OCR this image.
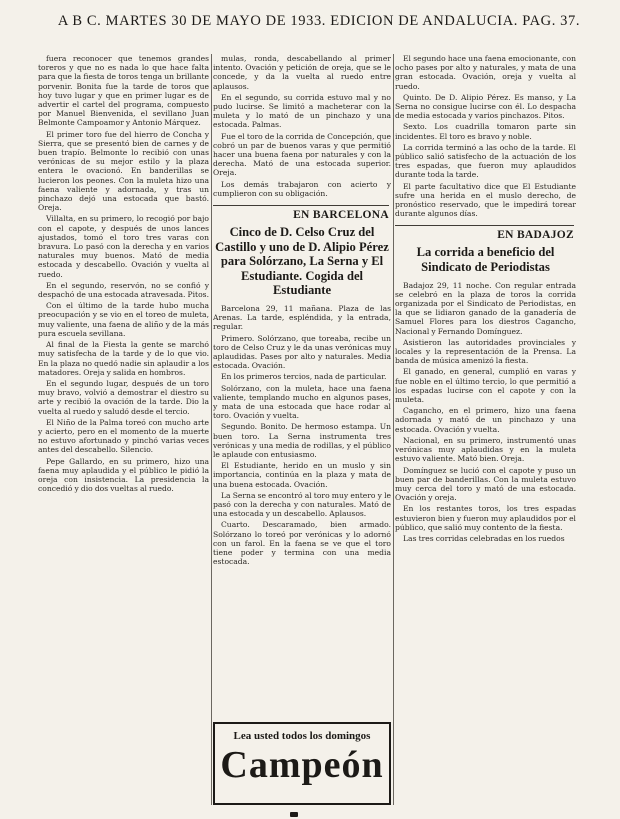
A B C. MARTES 30 DE MAYO DE 1933. EDICION DE ANDALUCIA. PAG. 37.

fuera reconocer que tenemos grandes toreros y que no es nada lo que hace falta para que la fiesta de toros tenga un brillante porvenir. Bonita fue la tarde de toros que hoy tuvo lugar y que en primer lugar es de advertir el cartel del programa, compuesto por Manuel Bienvenida, el sevillano Juan Belmonte Campoamor y Antonio Márquez.

El primer toro fue del hierro de Concha y Sierra, que se presentó bien de carnes y de buen trapío. Belmonte lo recibió con unas verónicas de su mejor estilo y la plaza entera le ovacionó. En banderillas se lucieron los peones. Con la muleta hizo una faena valiente y adornada, y tras un pinchazo dejó una estocada que bastó. Oreja.

Villalta, en su primero, lo recogió por bajo con el capote, y después de unos lances ajustados, tomó el toro tres varas con bravura. Lo pasó con la derecha y en varios naturales muy buenos. Mató de media estocada y descabello. Ovación y vuelta al ruedo.

En el segundo, reservón, no se confió y despachó de una estocada atravesada. Pitos.

Con el último de la tarde hubo mucha preocupación y se vio en el toreo de muleta, muy valiente, una faena de aliño y de la más pura escuela sevillana.

Al final de la Fiesta la gente se marchó muy satisfecha de la tarde y de lo que vio. En la plaza no quedó nadie sin aplaudir a los matadores. Oreja y salida en hombros.

En el segundo lugar, después de un toro muy bravo, volvió a demostrar el diestro su arte y recibió la ovación de la tarde. Dio la vuelta al ruedo y saludó desde el tercio.

El Niño de la Palma toreó con mucho arte y acierto, pero en el momento de la muerte no estuvo afortunado y pinchó varias veces antes del descabello. Silencio.

Pepe Gallardo, en su primero, hizo una faena muy aplaudida y el público le pidió la oreja con insistencia. La presidencia la concedió y dio dos vueltas al ruedo.

mulas, ronda, descabellando al primer intento. Ovación y petición de oreja, que se le concede, y da la vuelta al ruedo entre aplausos.

En el segundo, su corrida estuvo mal y no pudo lucirse. Se limitó a macheterar con la muleta y lo mató de un pinchazo y una estocada. Palmas.

Fue el toro de la corrida de Concepción, que cobró un par de buenos varas y que permitió hacer una buena faena por naturales y con la derecha. Mató de una estocada superior. Oreja.

Los demás trabajaron con acierto y cumplieron con su obligación.

EN BARCELONA
Cinco de D. Celso Cruz del Castillo y uno de D. Alipio Pérez para Solórzano, La Serna y El Estudiante. Cogida del Estudiante

Barcelona 29, 11 mañana. Plaza de las Arenas. La tarde, espléndida, y la entrada, regular.

Primero. Solórzano, que toreaba, recibe un toro de Celso Cruz y le da unas verónicas muy aplaudidas. Pases por alto y naturales. Media estocada. Ovación.

En los primeros tercios, nada de particular.

Solórzano, con la muleta, hace una faena valiente, templando mucho en algunos pases, y mata de una estocada que hace rodar al toro. Ovación y vuelta.

Segundo. Bonito. De hermoso estampa. Un buen toro. La Serna instrumenta tres verónicas y una media de rodillas, y el público le aplaude con entusiasmo.

El Estudiante, herido en un muslo y sin importancia, continúa en la plaza y mata de una buena estocada. Ovación.

La Serna se encontró al toro muy entero y le pasó con la derecha y con naturales. Mató de una estocada y un descabello. Aplausos.

Cuarto. Descaramado, bien armado. Solórzano lo toreó por verónicas y lo adornó con un farol. En la faena se ve que el toro tiene poder y termina con una media estocada.

Lea usted todos los domingos
Campeón

El segundo hace una faena emocionante, con ocho pases por alto y naturales, y mata de una gran estocada. Ovación, oreja y vuelta al ruedo.

Quinto. De D. Alipio Pérez. Es manso, y La Serna no consigue lucirse con él. Lo despacha de media estocada y varios pinchazos. Pitos.

Sexto. Los cuadrilla tomaron parte sin incidentes. El toro es bravo y noble.

La corrida terminó a las ocho de la tarde. El público salió satisfecho de la actuación de los tres espadas, que fueron muy aplaudidos durante toda la tarde.

El parte facultativo dice que El Estudiante sufre una herida en el muslo derecho, de pronóstico reservado, que le impedirá torear durante algunos días.

EN BADAJOZ
La corrida a beneficio del Sindicato de Periodistas

Badajoz 29, 11 noche. Con regular entrada se celebró en la plaza de toros la corrida organizada por el Sindicato de Periodistas, en la que se lidiaron ganado de la ganadería de Samuel Flores para los diestros Cagancho, Nacional y Fernando Domínguez.

Asistieron las autoridades provinciales y locales y la representación de la Prensa. La banda de música amenizó la fiesta.

El ganado, en general, cumplió en varas y fue noble en el último tercio, lo que permitió a los espadas lucirse con el capote y con la muleta.

Cagancho, en el primero, hizo una faena adornada y mató de un pinchazo y una estocada. Ovación y vuelta.

Nacional, en su primero, instrumentó unas verónicas muy aplaudidas y en la muleta estuvo valiente. Mató bien. Oreja.

Domínguez se lució con el capote y puso un buen par de banderillas. Con la muleta estuvo muy cerca del toro y mató de una estocada. Ovación y oreja.

En los restantes toros, los tres espadas estuvieron bien y fueron muy aplaudidos por el público, que salió muy contento de la fiesta.

Las tres corridas celebradas en los ruedos
